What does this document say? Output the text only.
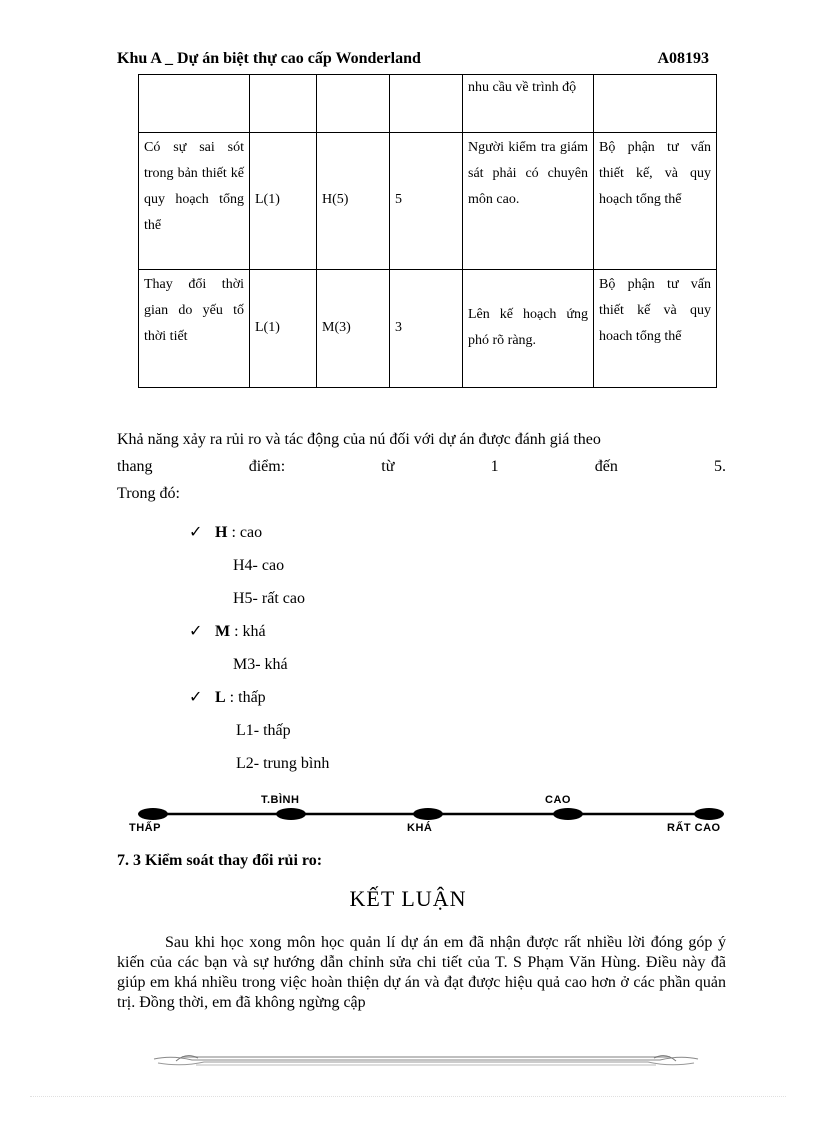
Khu A _ Dự án biệt thự cao cấp Wonderland	A08193
				nhu cầu về trình độ	
Có sự sai sót trong bản thiết kế quy hoạch tổng thể	L(1)	H(5)	5	Người kiểm tra giám sát phải có chuyên môn cao.	Bộ phận tư vấn thiết kế, và quy hoạch tổng thể
Thay đổi thời gian do yếu tố thời tiết	L(1)	M(3)	3	Lên kế hoạch ứng phó rõ ràng.	Bộ phận tư vấn thiết kế và quy hoach tổng thể
Khả năng xảy ra rủi ro và tác động của nú đối với dự án được đánh giá theo
thang điểm: từ 1 đến 5.
Trong đó:
✓ H : cao
H4- cao
H5- rất cao
✓ M : khá
M3- khá
✓ L : thấp
L1- thấp
L2- trung bình
THẤP
T.BÌNH
KHÁ
CAO
RẤT CAO
7. 3 Kiểm soát thay đổi rủi ro:
KẾT LUẬN
Sau khi học xong môn học quản lí dự án em đã nhận được rất nhiều lời đóng góp ý kiến của các bạn và sự hướng dẫn chỉnh sửa chi tiết của T. S Phạm Văn Hùng. Điều này đã giúp em khá nhiều trong việc hoàn thiện dự án và đạt được hiệu quả cao hơn ở các phần quản trị. Đồng thời, em đã không ngừng cập
